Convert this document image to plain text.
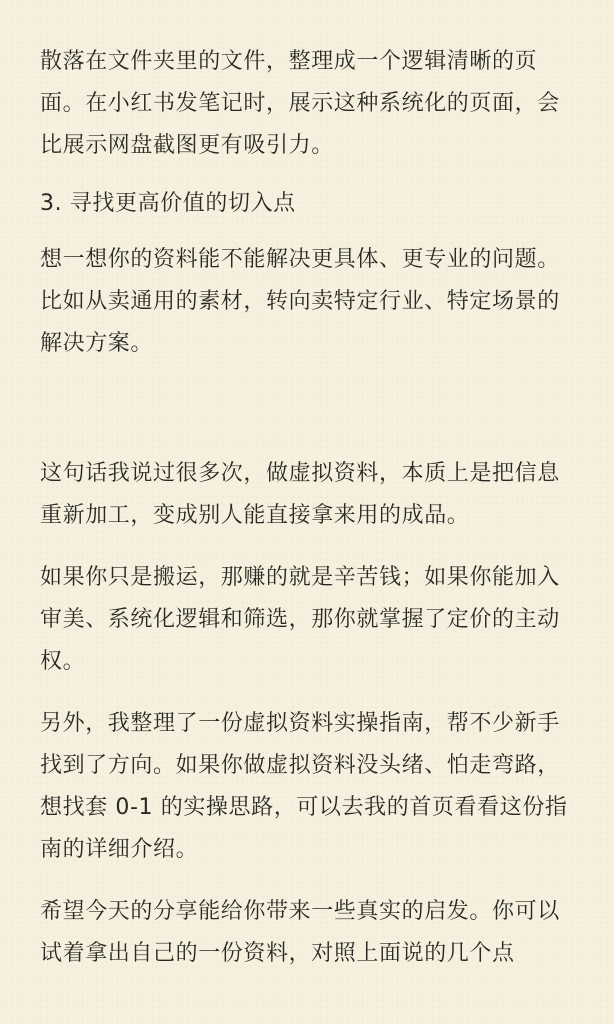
散落在文件夹里的文件，整理成一个逻辑清晰的页面。在小红书发笔记时，展示这种系统化的页面，会比展示网盘截图更有吸引力。

3. 寻找更高价值的切入点

想一想你的资料能不能解决更具体、更专业的问题。比如从卖通用的素材，转向卖特定行业、特定场景的解决方案。

这句话我说过很多次，做虚拟资料，本质上是把信息重新加工，变成别人能直接拿来用的成品。

如果你只是搬运，那赚的就是辛苦钱；如果你能加入审美、系统化逻辑和筛选，那你就掌握了定价的主动权。

另外，我整理了一份虚拟资料实操指南，帮不少新手找到了方向。如果你做虚拟资料没头绪、怕走弯路，想找套 0-1 的实操思路，可以去我的首页看看这份指南的详细介绍。

希望今天的分享能给你带来一些真实的启发。你可以试着拿出自己的一份资料，对照上面说的几个点
